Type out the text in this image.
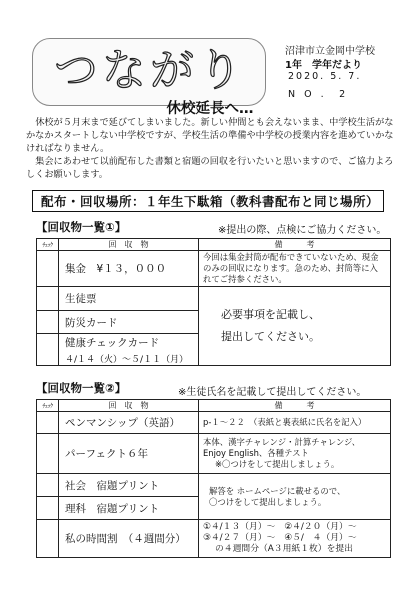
つながり	沼津市立金岡中学校
1年　学年だより
2020. 5. 7.
N O .　2
休校延長へ…
休校が５月末まで延びてしまいました。新しい仲間とも会えないまま、中学校生活がなかなかスタートしない中学校ですが、学校生活の準備や中学校の授業内容を進めていかなければなりません。
集会にあわせて以前配布した書類と宿題の回収を行いたいと思いますので、ご協力よろしくお願いします。
配布・回収場所：１年生下駄箱（教科書配布と同じ場所）
【回収物一覧①】	※提出の際、点検にご協力ください。
ﾁｪｯｸ	回　収　物	備　　　考
	集金　¥１３，０００	今回は集金封筒が配布できていないため、現金のみの回収になります。急のため、封筒等に入れてご持参ください。
	生徒票	必要事項を記載し、
提出してください。

	防災カード	

	健康チェックカード
４/１４（火）～５/１１（月）	
【回収物一覧②】	※生徒氏名を記載して提出してください。
ﾁｪｯｸ	回　収　物	備　　　考
	ペンマンシップ（英語）	p-１～２２　（表紙と裏表紙に氏名を記入）
	パーフェクト６年	本体、漢字チャレンジ・計算チャレンジ、
Enjoy English、各種テスト
※〇つけをして提出しましょう。

	社会　宿題プリント	解答を ホームページに載せるので、
〇つけをして提出しましょう。

	理科　宿題プリント	
	私の時間割　（４週間分）	①４/１３（月）～　②４/２０（月）～
③４/２７（月）～　④５/　４（月）～
の４週間分（A３用紙１枚）を提出
